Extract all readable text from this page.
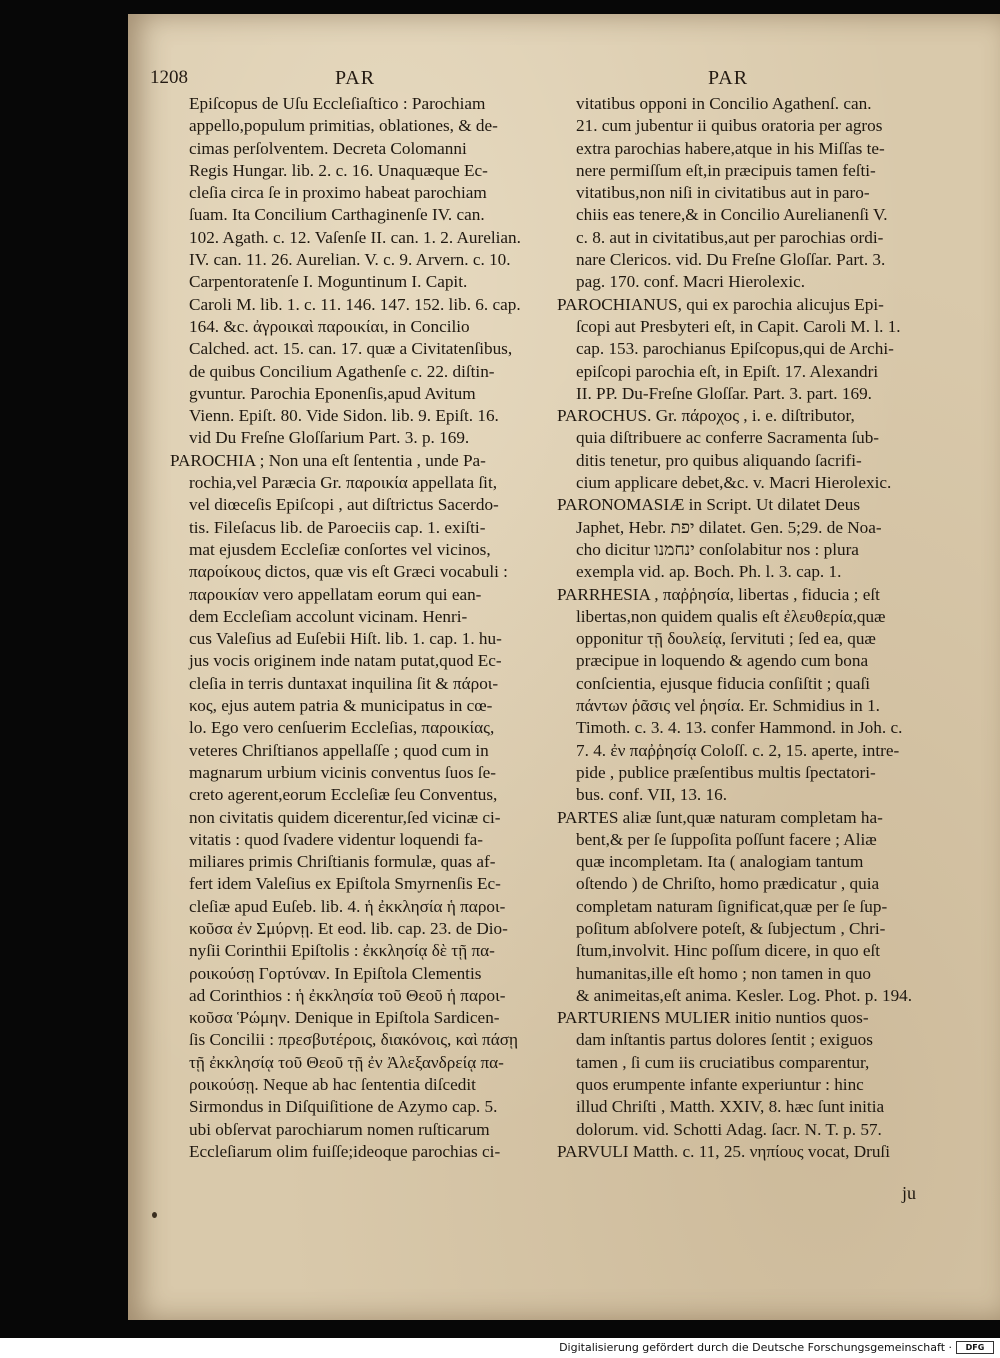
1208	PAR	PAR
Epiſcopus de Uſu Eccleſiaſtico : Parochiam
appello,populum primitias, oblationes, & de-
cimas perſolventem. Decreta Colomanni
Regis Hungar. lib. 2. c. 16. Unaquæque Ec-
cleſia circa ſe in proximo habeat parochiam
ſuam. Ita Concilium Carthaginenſe IV. can.
102. Agath. c. 12. Vaſenſe II. can. 1. 2. Aurelian.
IV. can. 11. 26. Aurelian. V. c. 9. Arvern. c. 10.
Carpentoratenſe I. Moguntinum I. Capit.
Caroli M. lib. 1. c. 11. 146. 147. 152. lib. 6. cap.
164. &c. ἀγροικαὶ παροικίαι, in Concilio
Calched. act. 15. can. 17. quæ a Civitatenſibus,
de quibus Concilium Agathenſe c. 22. diſtin-
gvuntur. Parochia Eponenſis,apud Avitum
Vienn. Epiſt. 80. Vide Sidon. lib. 9. Epiſt. 16.
vid Du Freſne Gloſſarium Part. 3. p. 169.
PAROCHIA ; Non una eſt ſententia , unde Pa-
rochia,vel Paræcia Gr. παροικία appellata ſit,
vel diœceſis Epiſcopi , aut diſtrictus Sacerdo-
tis. Fileſacus lib. de Paroeciis cap. 1. exiſti-
mat ejusdem Eccleſiæ conſortes vel vicinos,
παροίκους dictos, quæ vis eſt Græci vocabuli :
παροικίαν vero appellatam eorum qui ean-
dem Eccleſiam accolunt vicinam. Henri-
cus Valeſius ad Euſebii Hiſt. lib. 1. cap. 1. hu-
jus vocis originem inde natam putat,quod Ec-
cleſia in terris duntaxat inquilina ſit & πάροι-
κος, ejus autem patria & municipatus in cœ-
lo. Ego vero cenſuerim Eccleſias, παροικίας,
veteres Chriſtianos appellaſſe ; quod cum in
magnarum urbium vicinis conventus ſuos ſe-
creto agerent,eorum Eccleſiæ ſeu Conventus,
non civitatis quidem dicerentur,ſed vicinæ ci-
vitatis : quod ſvadere videntur loquendi fa-
miliares primis Chriſtianis formulæ, quas af-
fert idem Valeſius ex Epiſtola Smyrnenſis Ec-
cleſiæ apud Euſeb. lib. 4. ἡ ἐκκλησία ἡ παροι-
κοῦσα ἐν Σμύρνῃ. Et eod. lib. cap. 23. de Dio-
nyſii Corinthii Epiſtolis : ἐκκλησίᾳ δὲ τῇ πα-
ροικούσῃ Γορτύναν. In Epiſtola Clementis
ad Corinthios : ἡ ἐκκλησία τοῦ Θεοῦ ἡ παροι-
κοῦσα Ῥώμην. Denique in Epiſtola Sardicen-
ſis Concilii : πρεσβυτέροις, διακόνοις, καὶ πάσῃ
τῇ ἐκκλησίᾳ τοῦ Θεοῦ τῇ ἐν Ἀλεξανδρείᾳ πα-
ροικούσῃ. Neque ab hac ſententia diſcedit
Sirmondus in Diſquiſitione de Azymo cap. 5.
ubi obſervat parochiarum nomen ruſticarum
Eccleſiarum olim fuiſſe;ideoque parochias ci-
vitatibus opponi in Concilio Agathenſ. can.
21. cum jubentur ii quibus oratoria per agros
extra parochias habere,atque in his Miſſas te-
nere permiſſum eſt,in præcipuis tamen feſti-
vitatibus,non niſi in civitatibus aut in paro-
chiis eas tenere,& in Concilio Aurelianenſi V.
c. 8. aut in civitatibus,aut per parochias ordi-
nare Clericos. vid. Du Freſne Gloſſar. Part. 3.
pag. 170. conf. Macri Hierolexic.
PAROCHIANUS, qui ex parochia alicujus Epi-
ſcopi aut Presbyteri eſt, in Capit. Caroli M. l. 1.
cap. 153. parochianus Epiſcopus,qui de Archi-
epiſcopi parochia eſt, in Epiſt. 17. Alexandri
II. PP. Du-Freſne Gloſſar. Part. 3. part. 169.
PAROCHUS. Gr. πάροχος , i. e. diſtributor,
quia diſtribuere ac conferre Sacramenta ſub-
ditis tenetur, pro quibus aliquando ſacrifi-
cium applicare debet,&c. v. Macri Hierolexic.
PARONOMASIÆ in Script. Ut dilatet Deus
Japhet, Hebr. יפת dilatet. Gen. 5;29. de Noa-
cho dicitur ינחמנו conſolabitur nos : plura
exempla vid. ap. Boch. Ph. l. 3. cap. 1.
PARRHESIA , παῤῥησία, libertas , fiducia ; eſt
libertas,non quidem qualis eſt ἐλευθερία,quæ
opponitur τῇ δουλείᾳ, ſervituti ; ſed ea, quæ
præcipue in loquendo & agendo cum bona
conſcientia, ejusque fiducia conſiſtit ; quaſi
πάντων ῥᾶσις vel ῥησία. Er. Schmidius in 1.
Timoth. c. 3. 4. 13. confer Hammond. in Joh. c.
7. 4. ἐν παῤῥησίᾳ Coloſſ. c. 2, 15. aperte, intre-
pide , publice præſentibus multis ſpectatori-
bus. conf. VII, 13. 16.
PARTES aliæ ſunt,quæ naturam completam ha-
bent,& per ſe ſuppoſita poſſunt facere ; Aliæ
quæ incompletam. Ita ( analogiam tantum
oſtendo ) de Chriſto, homo prædicatur , quia
completam naturam ſignificat,quæ per ſe ſup-
poſitum abſolvere poteſt, & ſubjectum , Chri-
ſtum,involvit. Hinc poſſum dicere, in quo eſt
humanitas,ille eſt homo ; non tamen in quo
& animeitas,eſt anima. Kesler. Log. Phot. p. 194.
PARTURIENS MULIER initio nuntios quos-
dam inſtantis partus dolores ſentit ; exiguos
tamen , ſi cum iis cruciatibus comparentur,
quos erumpente infante experiuntur : hinc
illud Chriſti , Matth. XXIV, 8. hæc ſunt initia
dolorum. vid. Schotti Adag. ſacr. N. T. p. 57.
PARVULI Matth. c. 11, 25. νηπίους vocat, Druſi
ju
Digitalisierung gefördert durch die Deutsche Forschungsgemeinschaft ·	DFG
